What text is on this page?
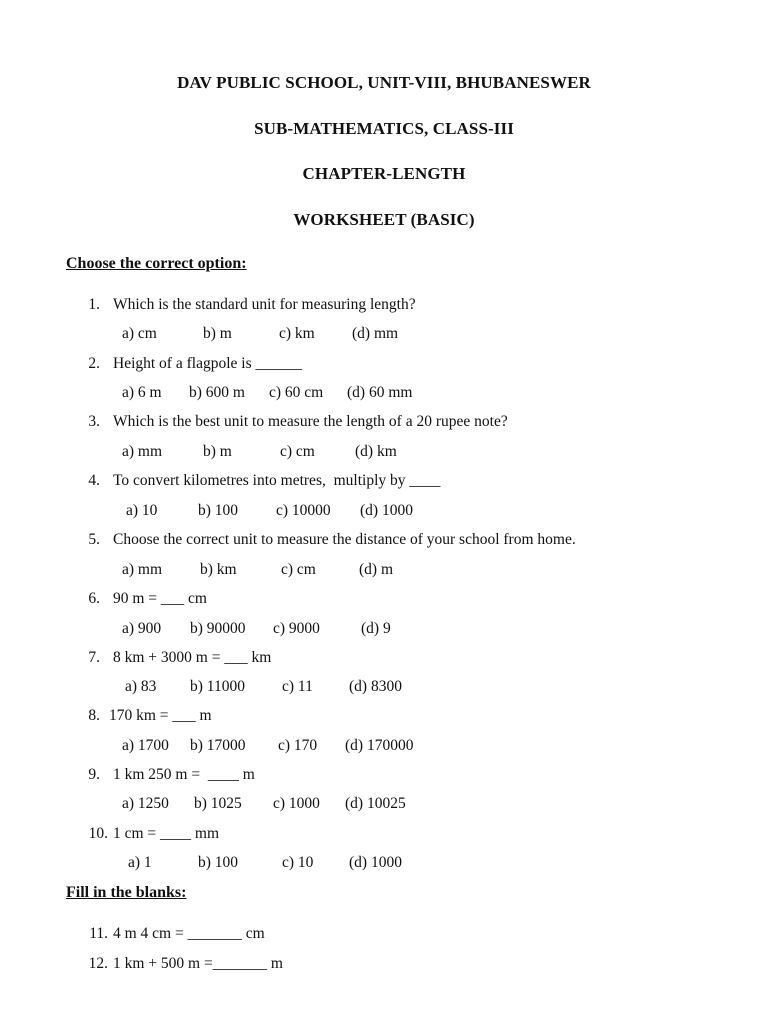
DAV PUBLIC SCHOOL, UNIT-VIII, BHUBANESWER
SUB-MATHEMATICS, CLASS-III
CHAPTER-LENGTH
WORKSHEET (BASIC)
Choose the correct option:
1. Which is the standard unit for measuring length?
a) cm	b) m	c) km (d) mm
2. Height of a flagpole is ______
a) 6 m b) 600 m c) 60 cm (d) 60 mm
3. Which is the best unit to measure the length of a 20 rupee note?
a) mm	b) m	c) cm	(d) km
4. To convert kilometres into metres,  multiply by ____
a) 10	b) 100 c) 10000 (d) 1000
5. Choose the correct unit to measure the distance of your school from home.
a) mm b) km	c) cm	(d) m
6. 90 m = ___ cm
a) 900 b) 90000 c) 9000	(d) 9
7. 8 km + 3000 m = ___ km
a) 83 b) 11000 c) 11 (d) 8300
8. 170 km = ___ m
a) 1700 b) 17000 c) 170 (d) 170000
9. 1 km 250 m =  ____ m
a) 1250 b) 1025 c) 1000 (d) 10025
10. 1 cm = ____ mm
a) 1	b) 100	c) 10 (d) 1000
Fill in the blanks:
11. 4 m 4 cm = _______ cm
12. 1 km + 500 m =_______ m
